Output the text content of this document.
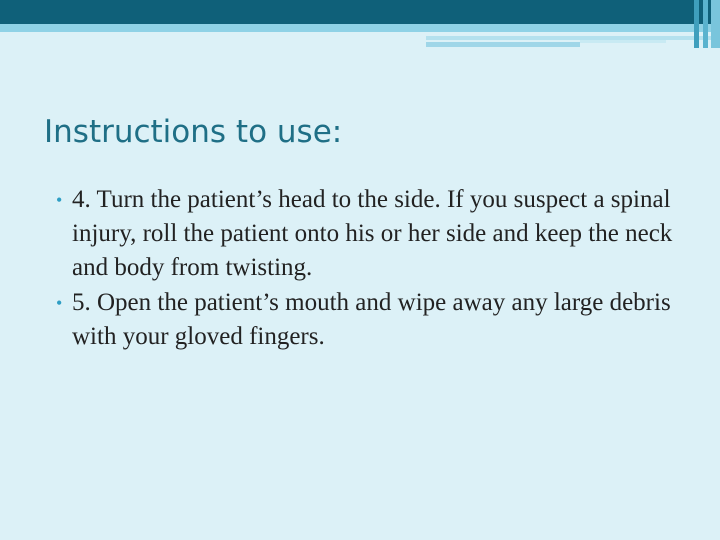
Instructions to use:
• 4. Turn the patient’s head to the side. If you suspect a spinal injury, roll the patient onto his or her side and keep the neck and body from twisting.
• 5. Open the patient’s mouth and wipe away any large debris with your gloved fingers.
